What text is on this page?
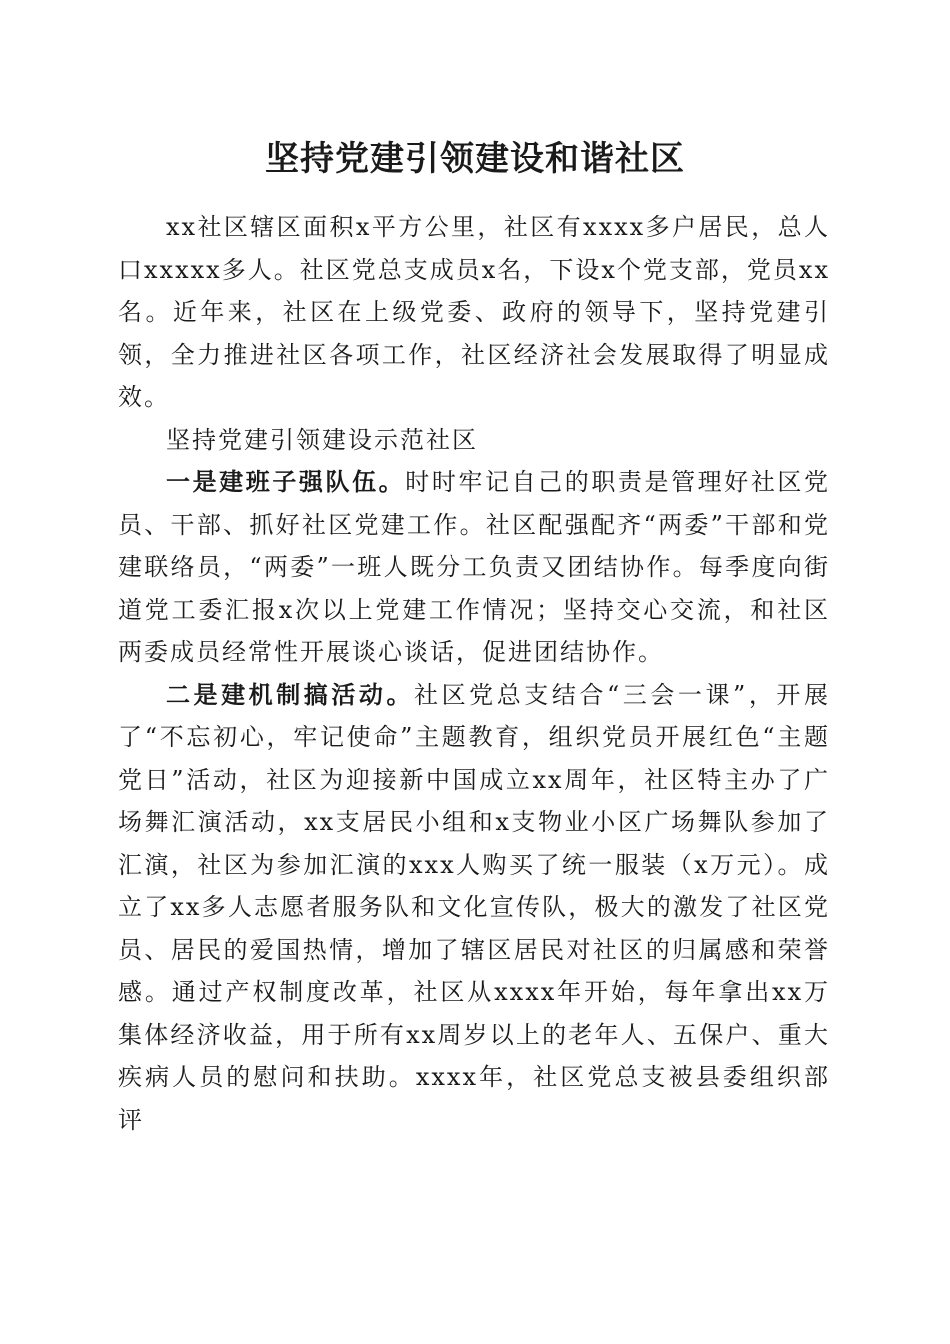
坚持党建引领建设和谐社区

xx社区辖区面积x平方公里，社区有xxxx多户居民，总人口xxxxx多人。社区党总支成员x名，下设x个党支部，党员xx名。近年来，社区在上级党委、政府的领导下，坚持党建引领，全力推进社区各项工作，社区经济社会发展取得了明显成效。

坚持党建引领建设示范社区

一是建班子强队伍。时时牢记自己的职责是管理好社区党员、干部、抓好社区党建工作。社区配强配齐“两委”干部和党建联络员，“两委”一班人既分工负责又团结协作。每季度向街道党工委汇报x次以上党建工作情况；坚持交心交流，和社区两委成员经常性开展谈心谈话，促进团结协作。

二是建机制搞活动。社区党总支结合“三会一课”，开展了“不忘初心，牢记使命”主题教育，组织党员开展红色“主题党日”活动，社区为迎接新中国成立xx周年，社区特主办了广场舞汇演活动，xx支居民小组和x支物业小区广场舞队参加了汇演，社区为参加汇演的xxx人购买了统一服装（x万元）。成立了xx多人志愿者服务队和文化宣传队，极大的激发了社区党员、居民的爱国热情，增加了辖区居民对社区的归属感和荣誉感。通过产权制度改革，社区从xxxx年开始，每年拿出xx万集体经济收益，用于所有xx周岁以上的老年人、五保户、重大疾病人员的慰问和扶助。xxxx年，社区党总支被县委组织部评
